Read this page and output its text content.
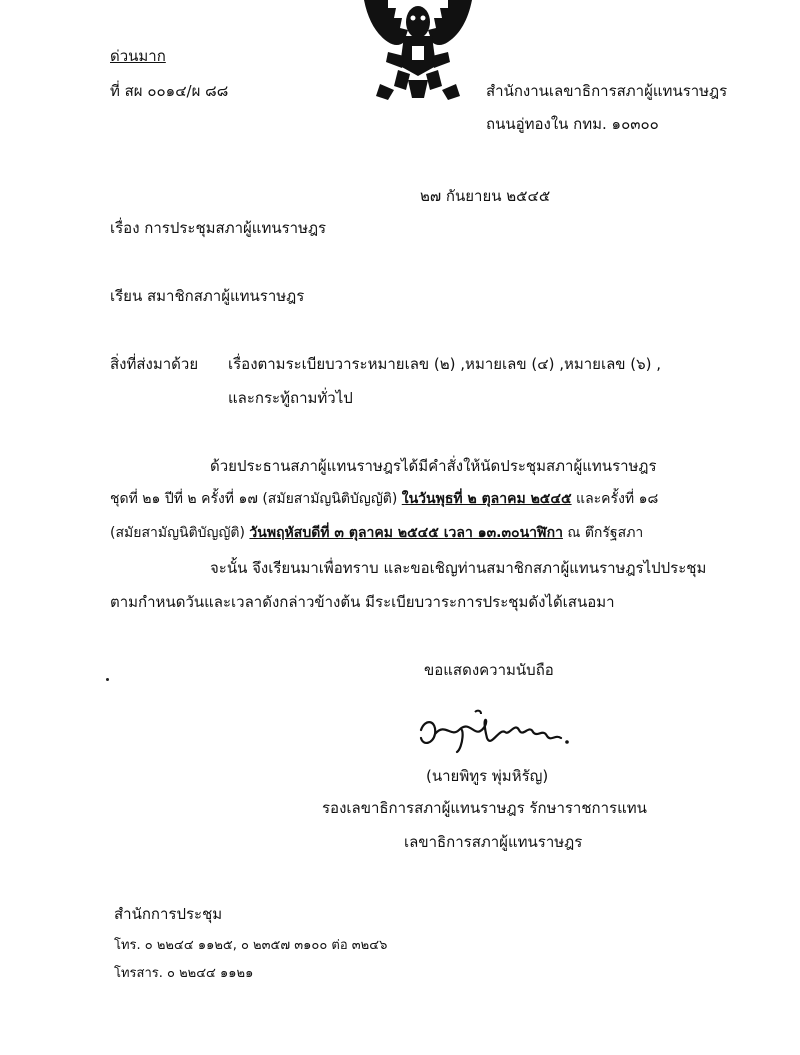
ด่วนมาก
ที่ สผ ๐๐๑๔/ผ ๘๘	สำนักงานเลขาธิการสภาผู้แทนราษฎร
ถนนอู่ทองใน กทม. ๑๐๓๐๐
๒๗ กันยายน ๒๕๔๕
เรื่อง การประชุมสภาผู้แทนราษฎร
เรียน สมาชิกสภาผู้แทนราษฎร
สิ่งที่ส่งมาด้วย เรื่องตามระเบียบวาระหมายเลข (๒) ,หมายเลข (๔) ,หมายเลข (๖) ,
และกระทู้ถามทั่วไป
ด้วยประธานสภาผู้แทนราษฎรได้มีคำสั่งให้นัดประชุมสภาผู้แทนราษฎร
ชุดที่ ๒๑ ปีที่ ๒ ครั้งที่ ๑๗ (สมัยสามัญนิติบัญญัติ) ในวันพุธที่ ๒ ตุลาคม ๒๕๔๕ และครั้งที่ ๑๘
(สมัยสามัญนิติบัญญัติ) วันพฤหัสบดีที่ ๓ ตุลาคม ๒๕๔๕ เวลา ๑๓.๓๐นาฬิกา ณ ตึกรัฐสภา
จะนั้น จึงเรียนมาเพื่อทราบ และขอเชิญท่านสมาชิกสภาผู้แทนราษฎรไปประชุม
ตามกำหนดวันและเวลาดังกล่าวข้างต้น มีระเบียบวาระการประชุมดังได้เสนอมา
ขอแสดงความนับถือ
(นายพิทูร พุ่มหิรัญ)
รองเลขาธิการสภาผู้แทนราษฎร รักษาราชการแทน
เลขาธิการสภาผู้แทนราษฎร
สำนักการประชุม
โทร. ๐ ๒๒๔๔ ๑๑๒๕, ๐ ๒๓๕๗ ๓๑๐๐ ต่อ ๓๒๔๖
โทรสาร. ๐ ๒๒๔๔ ๑๑๒๑
